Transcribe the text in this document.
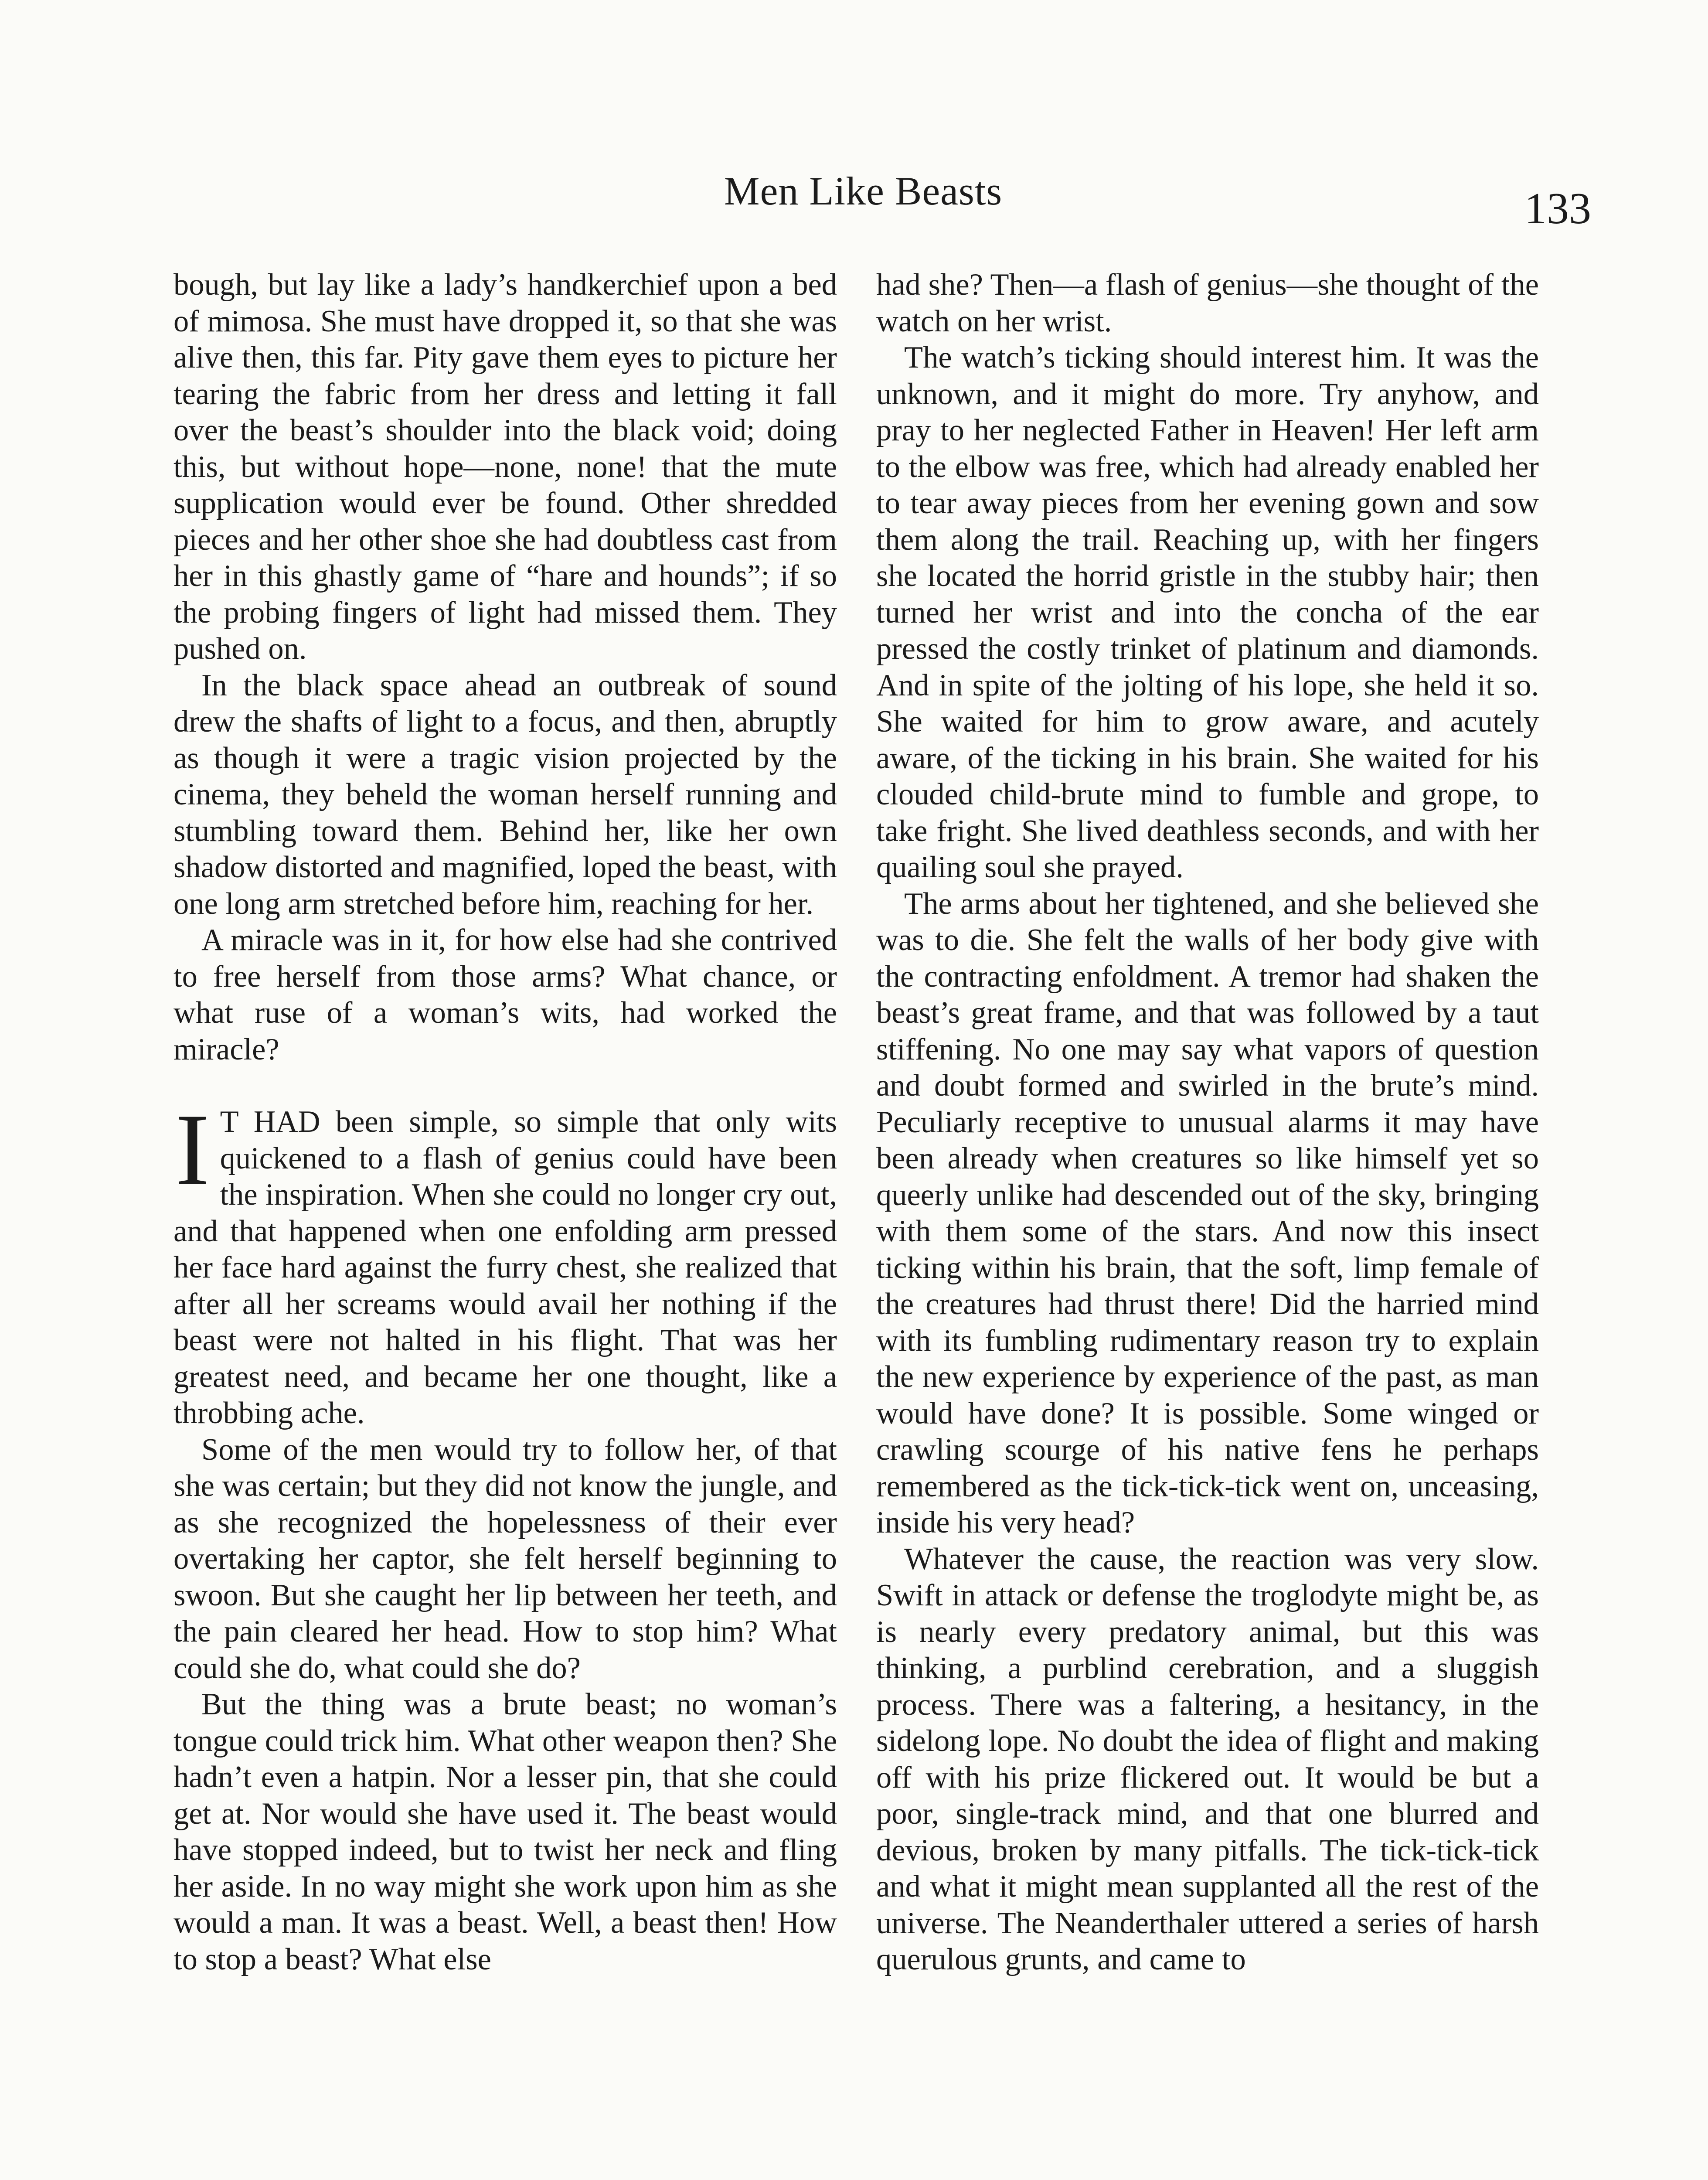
Men Like Beasts	133

bough, but lay like a lady’s handkerchief upon a bed of mimosa. She must have dropped it, so that she was alive then, this far. Pity gave them eyes to picture her tearing the fabric from her dress and letting it fall over the beast’s shoulder into the black void; doing this, but without hope—none, none! that the mute supplication would ever be found. Other shredded pieces and her other shoe she had doubtless cast from her in this ghastly game of “hare and hounds”; if so the probing fingers of light had missed them. They pushed on.

In the black space ahead an outbreak of sound drew the shafts of light to a focus, and then, abruptly as though it were a tragic vision projected by the cinema, they beheld the woman herself running and stumbling toward them. Behind her, like her own shadow distorted and magnified, loped the beast, with one long arm stretched before him, reaching for her.

A miracle was in it, for how else had she contrived to free herself from those arms? What chance, or what ruse of a woman’s wits, had worked the miracle?

I T HAD been simple, so simple that only wits quickened to a flash of genius could have been the inspiration. When she could no longer cry out, and that happened when one enfolding arm pressed her face hard against the furry chest, she realized that after all her screams would avail her nothing if the beast were not halted in his flight. That was her greatest need, and became her one thought, like a throbbing ache.

Some of the men would try to follow her, of that she was certain; but they did not know the jungle, and as she recognized the hopelessness of their ever overtaking her captor, she felt herself beginning to swoon. But she caught her lip between her teeth, and the pain cleared her head. How to stop him? What could she do, what could she do?

But the thing was a brute beast; no woman’s tongue could trick him. What other weapon then? She hadn’t even a hatpin. Nor a lesser pin, that she could get at. Nor would she have used it. The beast would have stopped indeed, but to twist her neck and fling her aside. In no way might she work upon him as she would a man. It was a beast. Well, a beast then! How to stop a beast? What else

had she? Then—a flash of genius—she thought of the watch on her wrist.

The watch’s ticking should interest him. It was the unknown, and it might do more. Try anyhow, and pray to her neglected Father in Heaven! Her left arm to the elbow was free, which had already enabled her to tear away pieces from her evening gown and sow them along the trail. Reaching up, with her fingers she located the horrid gristle in the stubby hair; then turned her wrist and into the concha of the ear pressed the costly trinket of platinum and diamonds. And in spite of the jolting of his lope, she held it so. She waited for him to grow aware, and acutely aware, of the ticking in his brain. She waited for his clouded child-brute mind to fumble and grope, to take fright. She lived deathless seconds, and with her quailing soul she prayed.

The arms about her tightened, and she believed she was to die. She felt the walls of her body give with the contracting enfoldment. A tremor had shaken the beast’s great frame, and that was followed by a taut stiffening. No one may say what vapors of question and doubt formed and swirled in the brute’s mind. Peculiarly receptive to unusual alarms it may have been already when creatures so like himself yet so queerly unlike had descended out of the sky, bringing with them some of the stars. And now this insect ticking within his brain, that the soft, limp female of the creatures had thrust there! Did the harried mind with its fumbling rudimentary reason try to explain the new experience by experience of the past, as man would have done? It is possible. Some winged or crawling scourge of his native fens he perhaps remembered as the tick-tick-tick went on, unceasing, inside his very head?

Whatever the cause, the reaction was very slow. Swift in attack or defense the troglodyte might be, as is nearly every predatory animal, but this was thinking, a purblind cerebration, and a sluggish process. There was a faltering, a hesitancy, in the sidelong lope. No doubt the idea of flight and making off with his prize flickered out. It would be but a poor, single-track mind, and that one blurred and devious, broken by many pitfalls. The tick-tick-tick and what it might mean supplanted all the rest of the universe. The Neanderthaler uttered a series of harsh querulous grunts, and came to
